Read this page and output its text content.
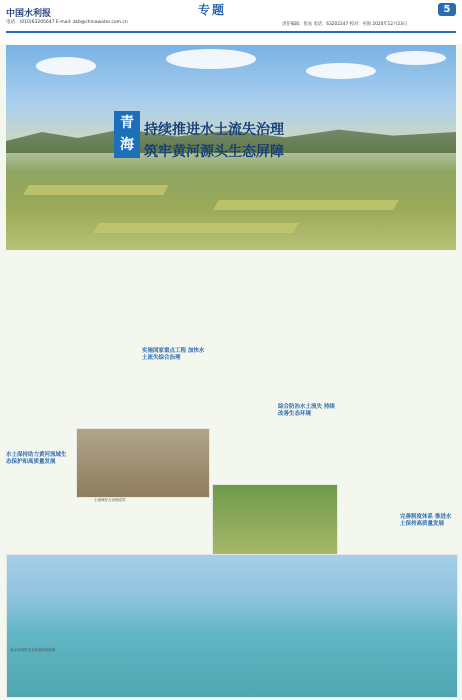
中国水利报
电话：(010)63205647 E-mail: zkb@chinawater.com.cn
专题
责任编辑：张易 电话：63202247 校对：巫海 2020年12月23日
5
青
海
持续推进水土流失治理
筑牢黄河源头生态屏障
水土保持助力黄河流域生态保护和高质量发展
实施国家重点工程 加快水土流失综合治理
综合防治水土流失 持续改善生态环境
完善制度体系 推进水土保持高质量发展
小流域综合治理成效
湟水河两岸生态环境持续改善
